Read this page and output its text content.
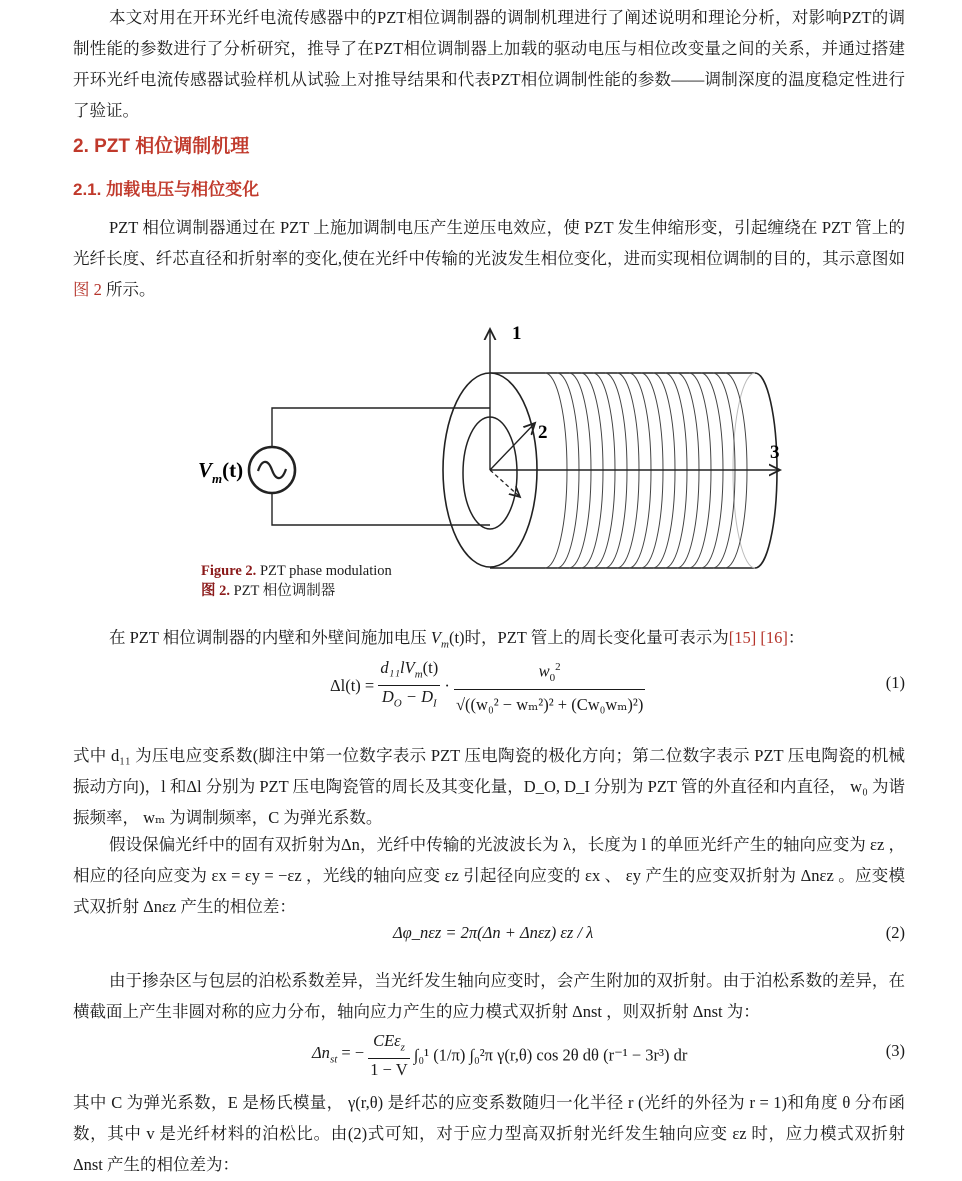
本文对用在开环光纤电流传感器中的PZT相位调制器的调制机理进行了阐述说明和理论分析，对影响PZT的调制性能的参数进行了分析研究，推导了在PZT相位调制器上加载的驱动电压与相位改变量之间的关系，并通过搭建开环光纤电流传感器试验样机从试验上对推导结果和代表PZT相位调制性能的参数——调制深度的温度稳定性进行了验证。
2. PZT 相位调制机理
2.1. 加载电压与相位变化
PZT 相位调制器通过在 PZT 上施加调制电压产生逆压电效应，使 PZT 发生伸缩形变，引起缠绕在 PZT 管上的光纤长度、纤芯直径和折射率的变化,使在光纤中传输的光波发生相位变化，进而实现相位调制的目的，其示意图如图 2 所示。
1
2
3
$V_m(t)$
Figure 2. PZT phase modulation
图 2. PZT 相位调制器
在 PZT 相位调制器的内壁和外壁间施加电压 $V_m(t)$时，PZT 管上的周长变化量可表示为[15] [16]：
$\Delta l(t) = \frac{d_{11}lV_m(t)}{D_O - D_I} \cdot \frac{w_0^2}{\text{√((w₀² − wₘ²)² + (Cw₀wₘ)²)}}$	(1)
式中 d₁₁ 为压电应变系数(脚注中第一位数字表示 PZT 压电陶瓷的极化方向；第二位数字表示 PZT 压电陶瓷的机械振动方向)，l 和Δl 分别为 PZT 压电陶瓷管的周长及其变化量，D_O, D_I 分别为 PZT 管的外直径和内直径， w₀ 为谐振频率， wₘ 为调制频率，C 为弹光系数。
假设保偏光纤中的固有双折射为Δn，光纤中传输的光波波长为 λ，长度为 l 的单匝光纤产生的轴向应变为 εz ，相应的径向应变为 εx = εy = −εz ，光线的轴向应变 εz 引起径向应变的 εx 、 εy 产生的应变双折射为 Δnεz 。应变模式双折射 Δnεz 产生的相位差：
Δφ_nεz = 2π(Δn + Δnεz) εz / λ	(2)
由于掺杂区与包层的泊松系数差异，当光纤发生轴向应变时，会产生附加的双折射。由于泊松系数的差异，在横截面上产生非圆对称的应力分布，轴向应力产生的应力模式双折射 Δnst ，则双折射 Δnst 为：
$\Delta n_{st}$ = − $\frac{CE\varepsilon_z}{1 - V} \int_0^1$ (1/π) ∫₀²π γ(r,θ) cos 2θ dθ (r⁻¹ − 3r³) dr	(3)
其中 C 为弹光系数，E 是杨氏模量， γ(r,θ) 是纤芯的应变系数随归一化半径 r (光纤的外径为 r = 1)和角度 θ 分布函数，其中 v 是光纤材料的泊松比。由(2)式可知，对于应力型高双折射光纤发生轴向应变 εz 时，应力模式双折射 Δnst 产生的相位差为：
